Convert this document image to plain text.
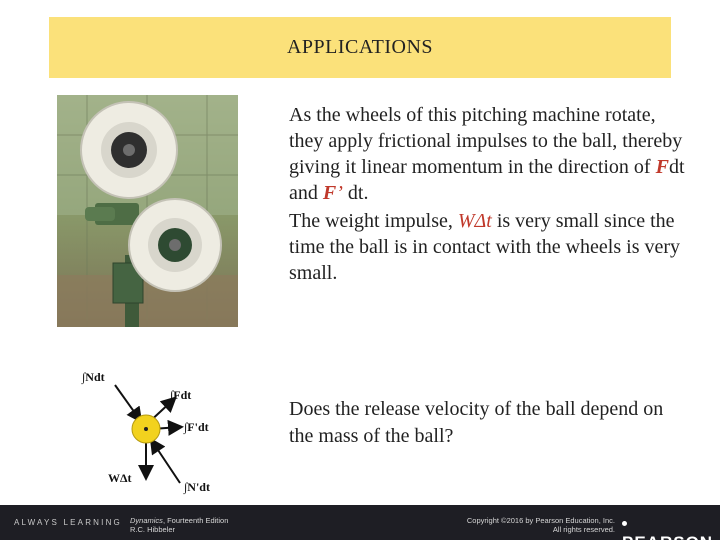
APPLICATIONS

As the wheels of this pitching machine rotate, they apply frictional impulses to the ball, thereby giving it linear momentum in the direction of Fdt and F’ dt.

The weight impulse, WΔt is very small since the time the ball is in contact with the wheels is very small.

Does the release velocity of the ball depend on the mass of the ball?
∫Ndt
∫Fdt
∫F'dt
WΔt
∫N'dt
ALWAYS LEARNING Dynamics, Fourteenth Edition
R.C. Hibbeler
Copyright ©2016 by Pearson Education, Inc.
All rights reserved.
PEARSON
